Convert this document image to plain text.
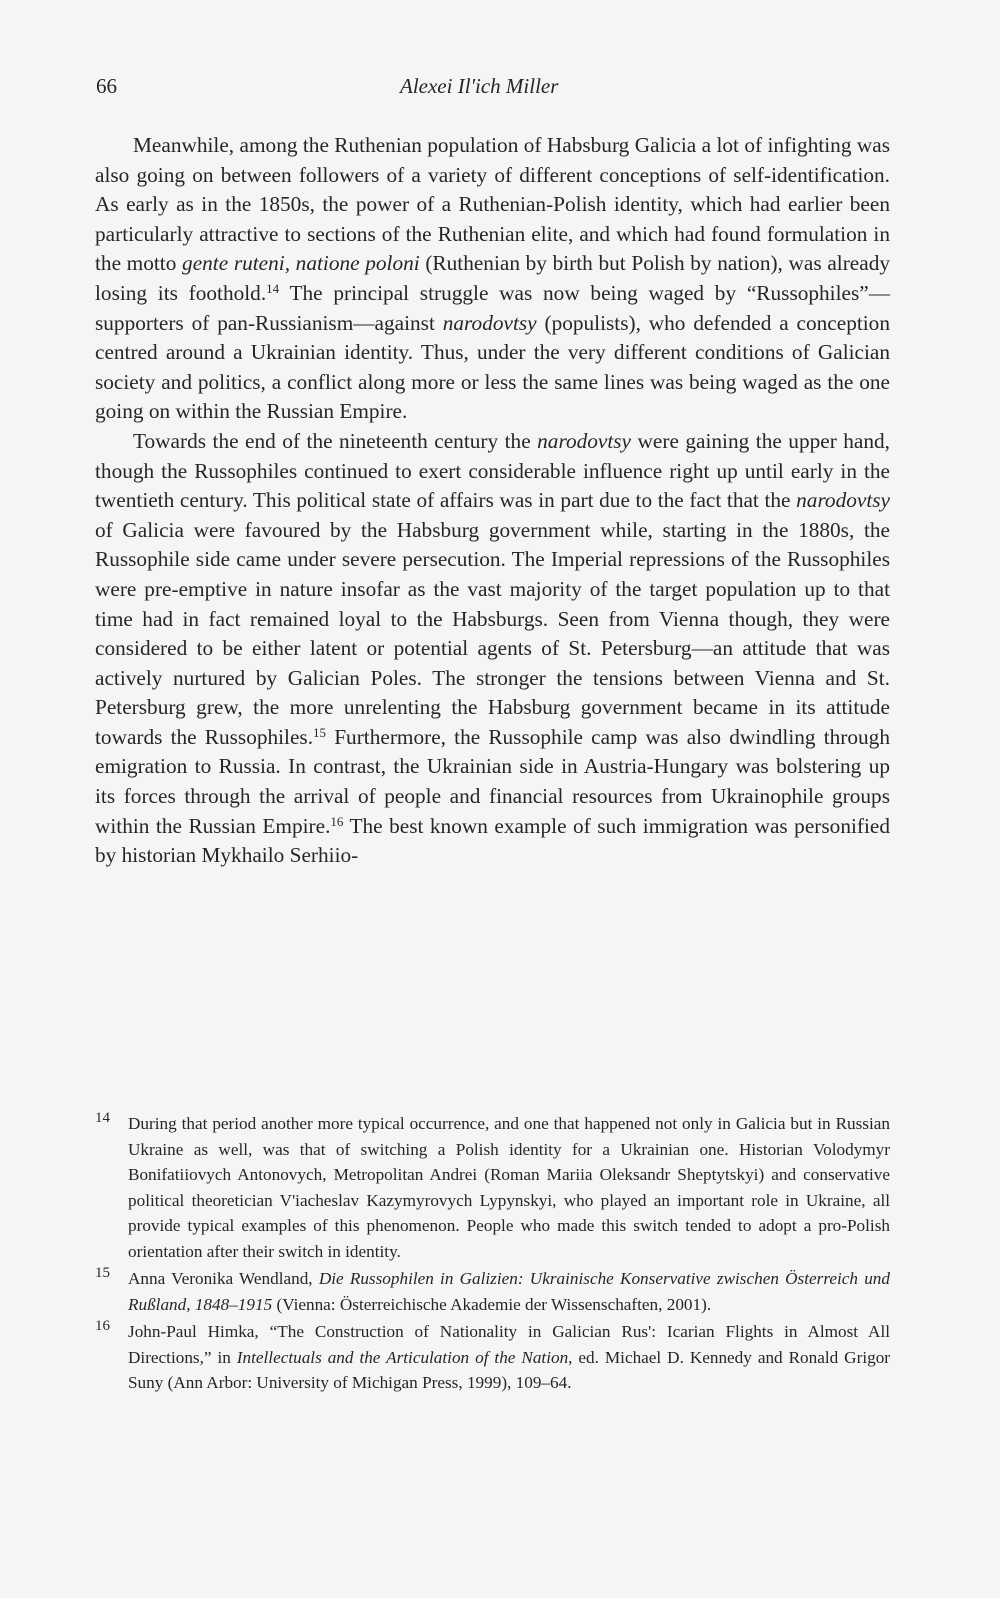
66	Alexei Il'ich Miller

Meanwhile, among the Ruthenian population of Habsburg Galicia a lot of infighting was also going on between followers of a variety of different conceptions of self-identification. As early as in the 1850s, the power of a Ruthenian-Polish identity, which had earlier been particularly attractive to sections of the Ruthenian elite, and which had found formulation in the motto gente ruteni, natione poloni (Ruthenian by birth but Polish by nation), was already losing its foothold.$^{14}$ The principal struggle was now being waged by “Russophiles”—supporters of pan-Russianism—against narodovtsy (populists), who defended a conception centred around a Ukrainian identity. Thus, under the very different conditions of Galician society and politics, a conflict along more or less the same lines was being waged as the one going on within the Russian Empire.

Towards the end of the nineteenth century the narodovtsy were gaining the upper hand, though the Russophiles continued to exert considerable influence right up until early in the twentieth century. This political state of affairs was in part due to the fact that the narodovtsy of Galicia were favoured by the Habsburg government while, starting in the 1880s, the Russophile side came under severe persecution. The Imperial repressions of the Russophiles were pre-emptive in nature insofar as the vast majority of the target population up to that time had in fact remained loyal to the Habsburgs. Seen from Vienna though, they were considered to be either latent or potential agents of St. Petersburg—an attitude that was actively nurtured by Galician Poles. The stronger the tensions between Vienna and St. Petersburg grew, the more unrelenting the Habsburg government became in its attitude towards the Russophiles.$^{15}$ Furthermore, the Russophile camp was also dwindling through emigration to Russia. In contrast, the Ukrainian side in Austria-Hungary was bolstering up its forces through the arrival of people and financial resources from Ukrainophile groups within the Russian Empire.$^{16}$ The best known example of such immigration was personified by historian Mykhailo Serhiio-

14 During that period another more typical occurrence, and one that happened not only in Galicia but in Russian Ukraine as well, was that of switching a Polish identity for a Ukrainian one. Historian Volodymyr Bonifatiiovych Antonovych, Metropolitan Andrei (Roman Mariia Oleksandr Sheptytskyi) and conservative political theoretician V'iacheslav Kazymyrovych Lypynskyi, who played an important role in Ukraine, all provide typical examples of this phenomenon. People who made this switch tended to adopt a pro-Polish orientation after their switch in identity.
15 Anna Veronika Wendland, Die Russophilen in Galizien: Ukrainische Konservative zwischen Österreich und Rußland, 1848–1915 (Vienna: Österreichische Akademie der Wissenschaften, 2001).
16 John-Paul Himka, “The Construction of Nationality in Galician Rus': Icarian Flights in Almost All Directions,” in Intellectuals and the Articulation of the Nation, ed. Michael D. Kennedy and Ronald Grigor Suny (Ann Arbor: University of Michigan Press, 1999), 109–64.
